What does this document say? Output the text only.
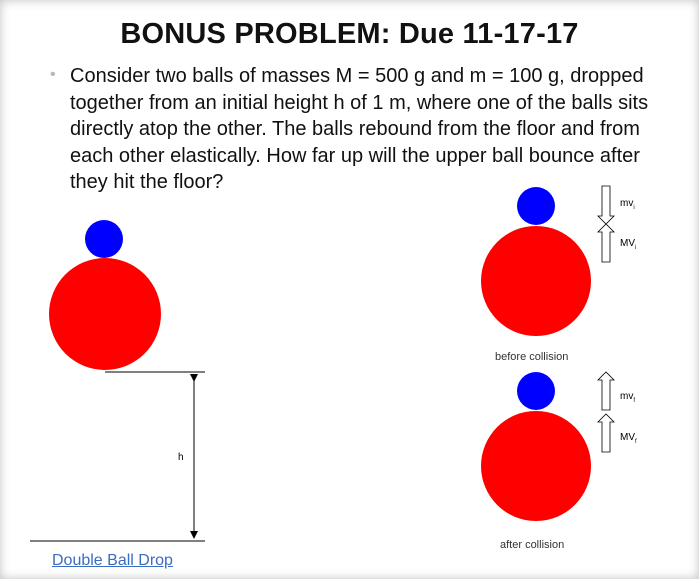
BONUS PROBLEM: Due 11-17-17
• Consider two balls of masses M = 500 g and m = 100 g, dropped together from an initial height h of 1 m, where one of the balls sits directly atop the other. The balls rebound from the floor and from each other elastically. How far up will the upper ball bounce after they hit the floor?
h
before collision
$mv_i$
$MV_i$
after collision
$mv_f$
$MV_f$
Double Ball Drop
